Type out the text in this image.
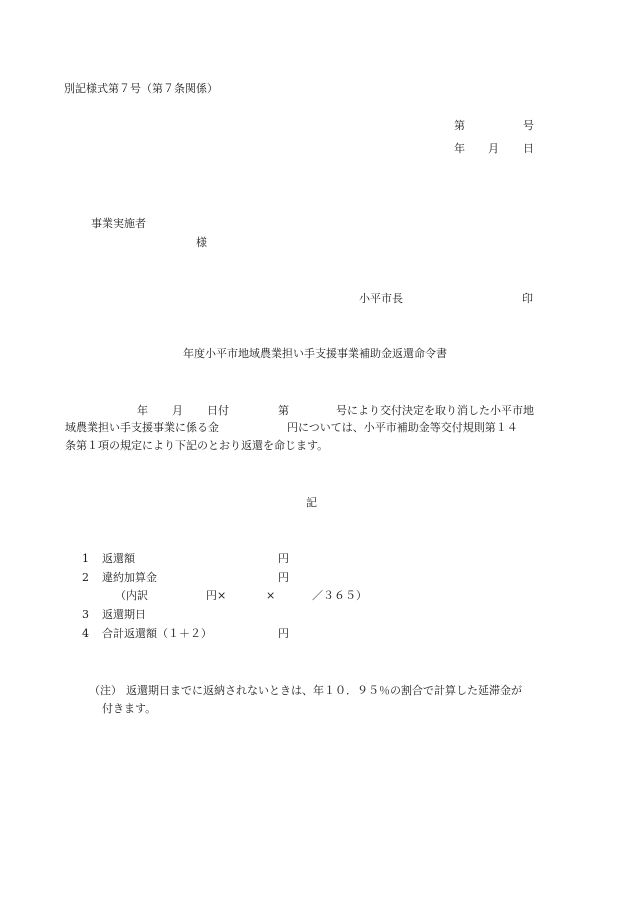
別記様式第７号（第７条関係）
第	号
年 月 日
事業実施者
様
小平市長	印
年度小平市地域農業担い手支援事業補助金返還命令書
年 月 日付	第	号により交付決定を取り消した小平市地
域農業担い手支援事業に係る金	円については、小平市補助金等交付規則第１４
条第１項の規定により下記のとおり返還を命じます。
記
1 返還額	円
2 違約加算金	円
（内訳	円×	×	／３６５）
3 返還期日
4 合計返還額（１＋２）	円
（注） 返還期日までに返納されないときは、年１０．９５％の割合で計算した延滞金が
付きます。
